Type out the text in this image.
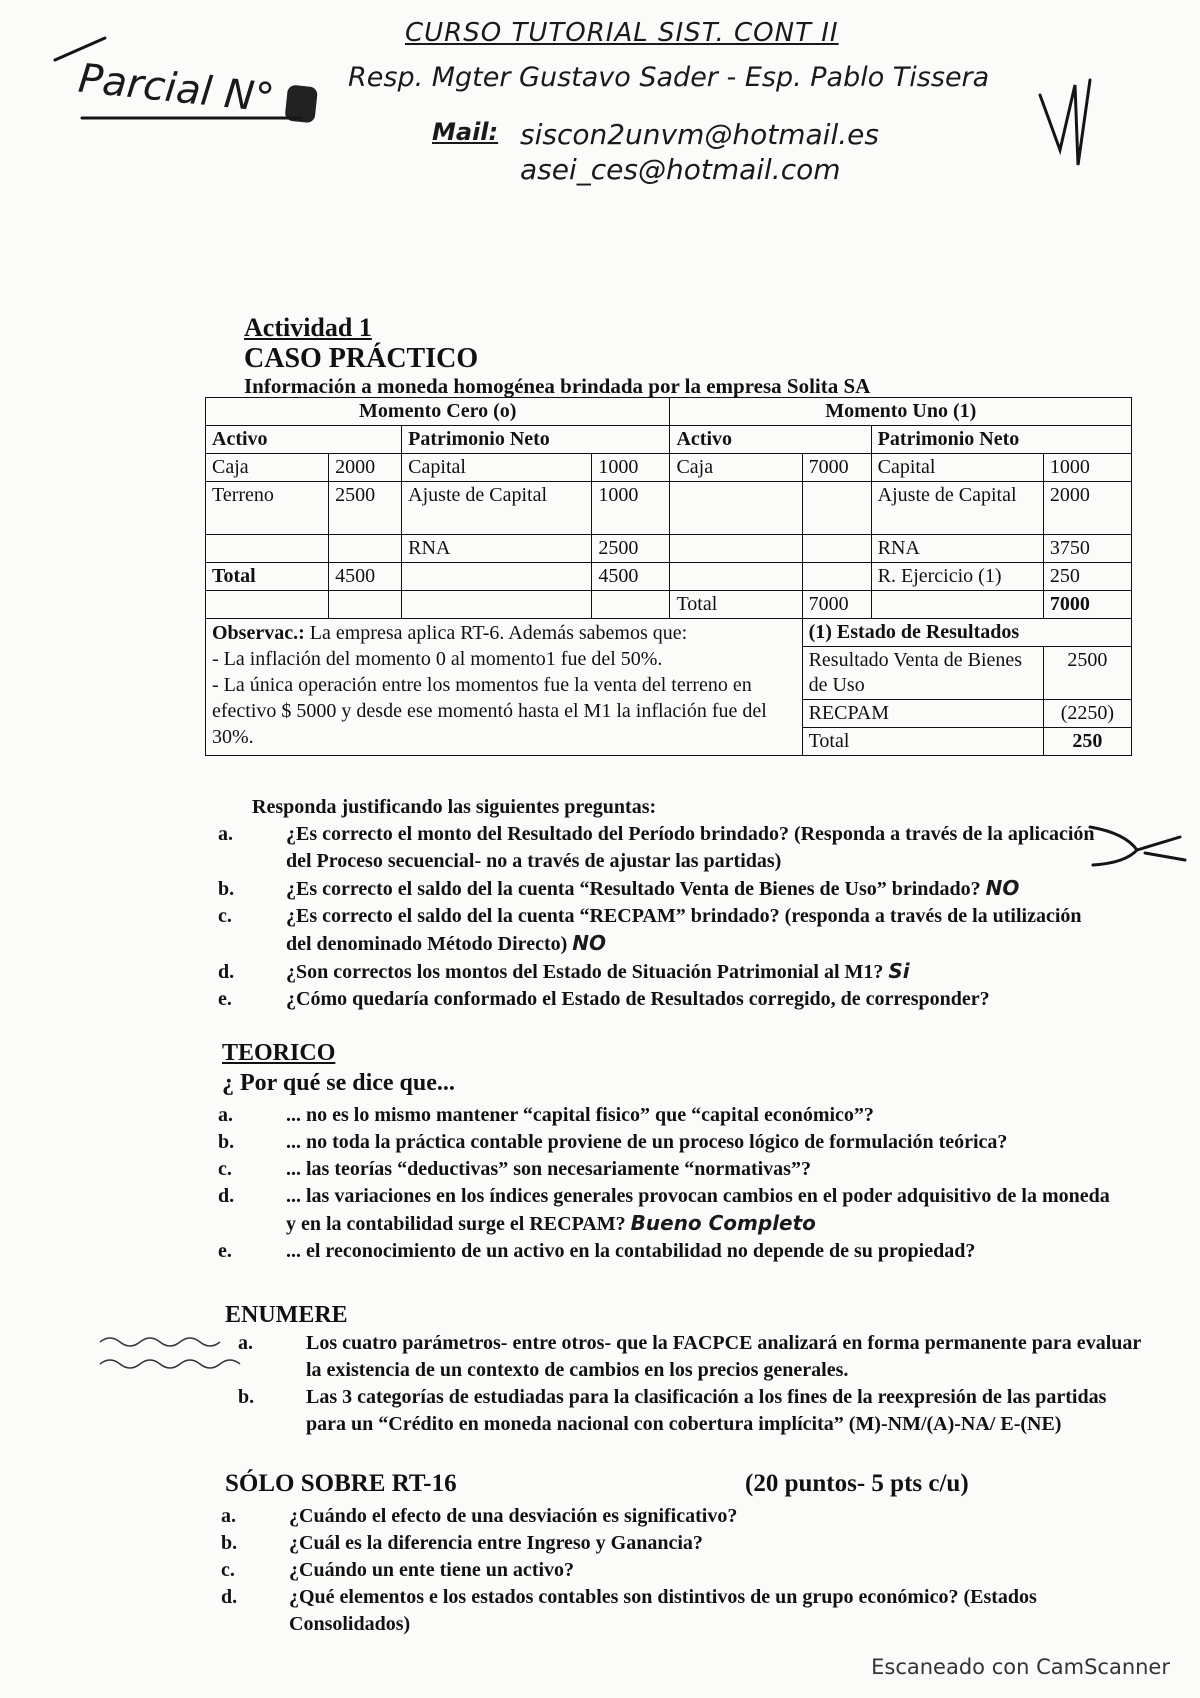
CURSO TUTORIAL SIST. CONT II
Resp. Mgter Gustavo Sader - Esp. Pablo Tissera
Mail: siscon2unvm@hotmail.es
asei_ces@hotmail.com
Parcial N°
Actividad 1
CASO PRÁCTICO
Información a moneda homogénea brindada por la empresa Solita SA
Momento Cero (o)				Momento Uno (1)			
Activo		Patrimonio Neto		Activo		Patrimonio Neto	
Caja	2000	Capital	1000	Caja	7000	Capital	1000
Terreno	2500	Ajuste de Capital	1000			Ajuste de Capital	2000
		RNA	2500			RNA	3750
Total	4500		4500			R. Ejercicio (1)	250
				Total	7000		7000
Observac.: La empresa aplica RT-6. Además sabemos que:
- La inflación del momento 0 al momento1 fue del 50%.
- La única operación entre los momentos fue la venta del terreno en efectivo $ 5000 y desde ese momentó hasta el M1 la inflación fue del 30%.					(1) Estado de Resultados		
					Resultado Venta de Bienes de Uso		2500
					RECPAM		(2250)
					Total		250
Responda justificando las siguientes preguntas:
a.	¿Es correcto el monto del Resultado del Período brindado? (Responda a través de la aplicación del Proceso secuencial- no a través de ajustar las partidas)
b.	¿Es correcto el saldo del la cuenta “Resultado Venta de Bienes de Uso” brindado? NO
c.	¿Es correcto el saldo del la cuenta “RECPAM” brindado? (responda a través de la utilización del denominado Método Directo) NO
d.	¿Son correctos los montos del Estado de Situación Patrimonial al M1? Si
e.	¿Cómo quedaría conformado el Estado de Resultados corregido, de corresponder?
TEORICO
¿ Por qué se dice que...
a.	... no es lo mismo mantener “capital fisico” que “capital económico”?
b.	... no toda la práctica contable proviene de un proceso lógico de formulación teórica?
c.	... las teorías “deductivas” son necesariamente “normativas”?
d.	... las variaciones en los índices generales provocan cambios en el poder adquisitivo de la moneda y en la contabilidad surge el RECPAM? Bueno Completo
e.	... el reconocimiento de un activo en la contabilidad no depende de su propiedad?
ENUMERE
a.	Los cuatro parámetros- entre otros- que la FACPCE analizará en forma permanente para evaluar la existencia de un contexto de cambios en los precios generales.
b.	Las 3 categorías de estudiadas para la clasificación a los fines de la reexpresión de las partidas para un “Crédito en moneda nacional con cobertura implícita” (M)-NM/(A)-NA/ E-(NE)
SÓLO SOBRE RT-16	(20 puntos- 5 pts c/u)
a.	¿Cuándo el efecto de una desviación es significativo?
b.	¿Cuál es la diferencia entre Ingreso y Ganancia?
c.	¿Cuándo un ente tiene un activo?
d.	¿Qué elementos e los estados contables son distintivos de un grupo económico? (Estados Consolidados)
Escaneado con CamScanner
